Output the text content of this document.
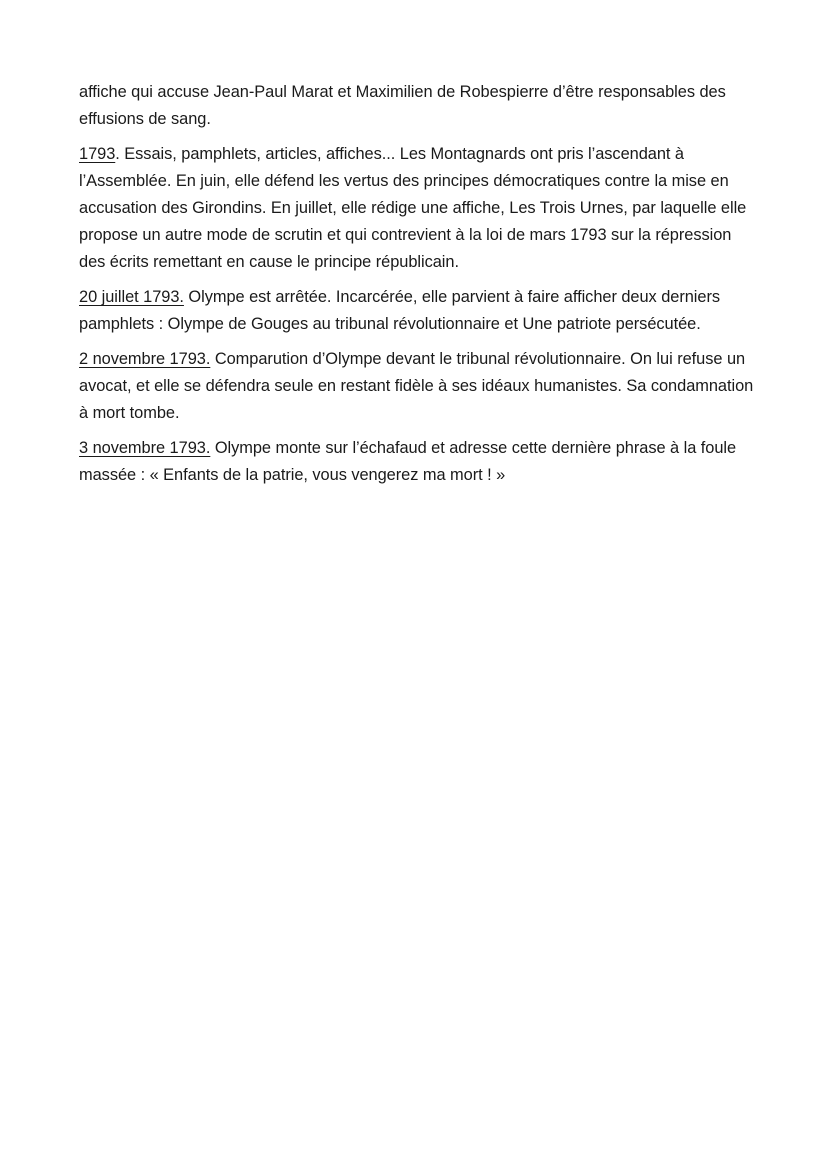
affiche qui accuse Jean-Paul Marat et Maximilien de Robespierre d’être responsables des effusions de sang.

1793. Essais, pamphlets, articles, affiches... Les Montagnards ont pris l’ascendant à l’Assemblée. En juin, elle défend les vertus des principes démocratiques contre la mise en accusation des Girondins. En juillet, elle rédige une affiche, Les Trois Urnes, par laquelle elle propose un autre mode de scrutin et qui contrevient à la loi de mars 1793 sur la répression des écrits remettant en cause le principe républicain.

20 juillet 1793. Olympe est arrêtée. Incarcérée, elle parvient à faire afficher deux derniers pamphlets : Olympe de Gouges au tribunal révolutionnaire et Une patriote persécutée.

2 novembre 1793. Comparution d’Olympe devant le tribunal révolutionnaire. On lui refuse un avocat, et elle se défendra seule en restant fidèle à ses idéaux humanistes. Sa condamnation à mort tombe.

3 novembre 1793. Olympe monte sur l’échafaud et adresse cette dernière phrase à la foule massée : « Enfants de la patrie, vous vengerez ma mort ! »
